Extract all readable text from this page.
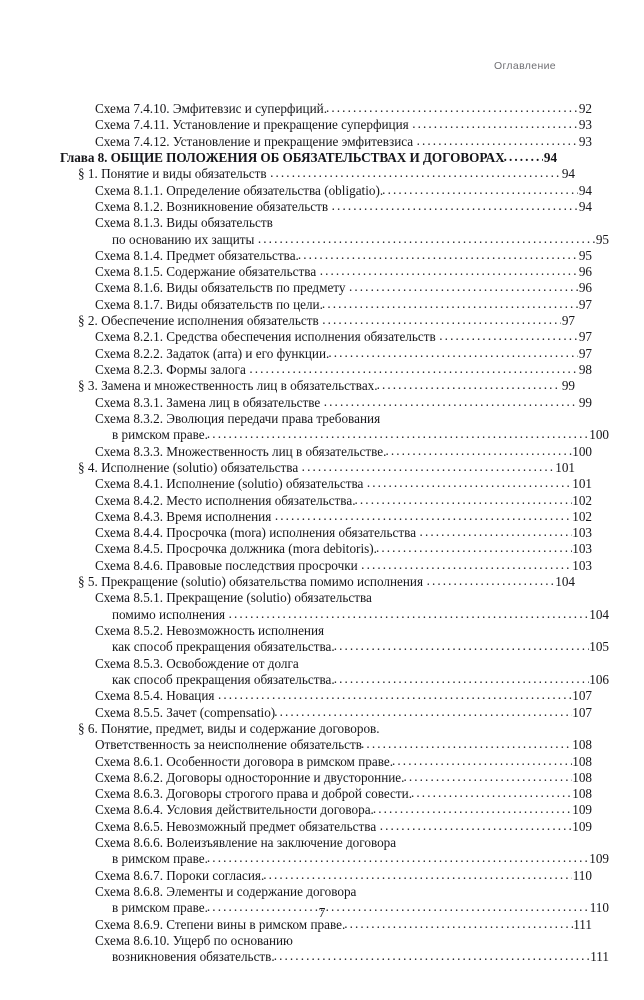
Оглавление
Схема 7.4.10. Эмфитевзис и суперфиций. . . .	92
Схема 7.4.11. Установление и прекращение суперфиция . . .	93
Схема 7.4.12. Установление и прекращение эмфитевзиса . . .	93
Глава 8. ОБЩИЕ ПОЛОЖЕНИЯ ОБ ОБЯЗАТЕЛЬСТВАХ И ДОГОВОРАХ . . .	94
§ 1. Понятие и виды обязательств . . .	94
Схема 8.1.1. Определение обязательства (obligatio). . . .	94
Схема 8.1.2. Возникновение обязательств . . .	94
Схема 8.1.3. Виды обязательств
по основанию их защиты . . .	95
Схема 8.1.4. Предмет обязательства. . . .	95
Схема 8.1.5. Содержание обязательства . . .	96
Схема 8.1.6. Виды обязательств по предмету . . .	96
Схема 8.1.7. Виды обязательств по цели. . . .	97
§ 2. Обеспечение исполнения обязательств . . .	97
Схема 8.2.1. Средства обеспечения исполнения обязательств . . .	97
Схема 8.2.2. Задаток (arra) и его функции. . . .	97
Схема 8.2.3. Формы залога . . .	98
§ 3. Замена и множественность лиц в обязательствах. . . .	99
Схема 8.3.1. Замена лиц в обязательстве . . .	99
Схема 8.3.2. Эволюция передачи права требования
в римском праве. . . .	100
Схема 8.3.3. Множественность лиц в обязательстве. . . .	100
§ 4. Исполнение (solutio) обязательства . . .	101
Схема 8.4.1. Исполнение (solutio) обязательства . . .	101
Схема 8.4.2. Место исполнения обязательства. . . .	102
Схема 8.4.3. Время исполнения . . .	102
Схема 8.4.4. Просрочка (mora) исполнения обязательства . . .	103
Схема 8.4.5. Просрочка должника (mora debitoris). . . .	103
Схема 8.4.6. Правовые последствия просрочки . . .	103
§ 5. Прекращение (solutio) обязательства помимо исполнения . . .	104
Схема 8.5.1. Прекращение (solutio) обязательства
помимо исполнения . . .	104
Схема 8.5.2. Невозможность исполнения
как способ прекращения обязательства. . . .	105
Схема 8.5.3. Освобождение от долга
как способ прекращения обязательства. . . .	106
Схема 8.5.4. Новация . . .	107
Схема 8.5.5. Зачет (compensatio) . . .	107
§ 6. Понятие, предмет, виды и содержание договоров.
Ответственность за неисполнение обязательств . . .	108
Схема 8.6.1. Особенности договора в римском праве. . . .	108
Схема 8.6.2. Договоры односторонние и двусторонние. . . .	108
Схема 8.6.3. Договоры строгого права и доброй совести. . . .	108
Схема 8.6.4. Условия действительности договора. . . .	109
Схема 8.6.5. Невозможный предмет обязательства . . .	109
Схема 8.6.6. Волеизъявление на заключение договора
в римском праве. . . .	109
Схема 8.6.7. Пороки согласия. . . .	110
Схема 8.6.8. Элементы и содержание договора
в римском праве. . . .	110
Схема 8.6.9. Степени вины в римском праве. . . .	111
Схема 8.6.10. Ущерб по основанию
возникновения обязательств. . . .	111
7
